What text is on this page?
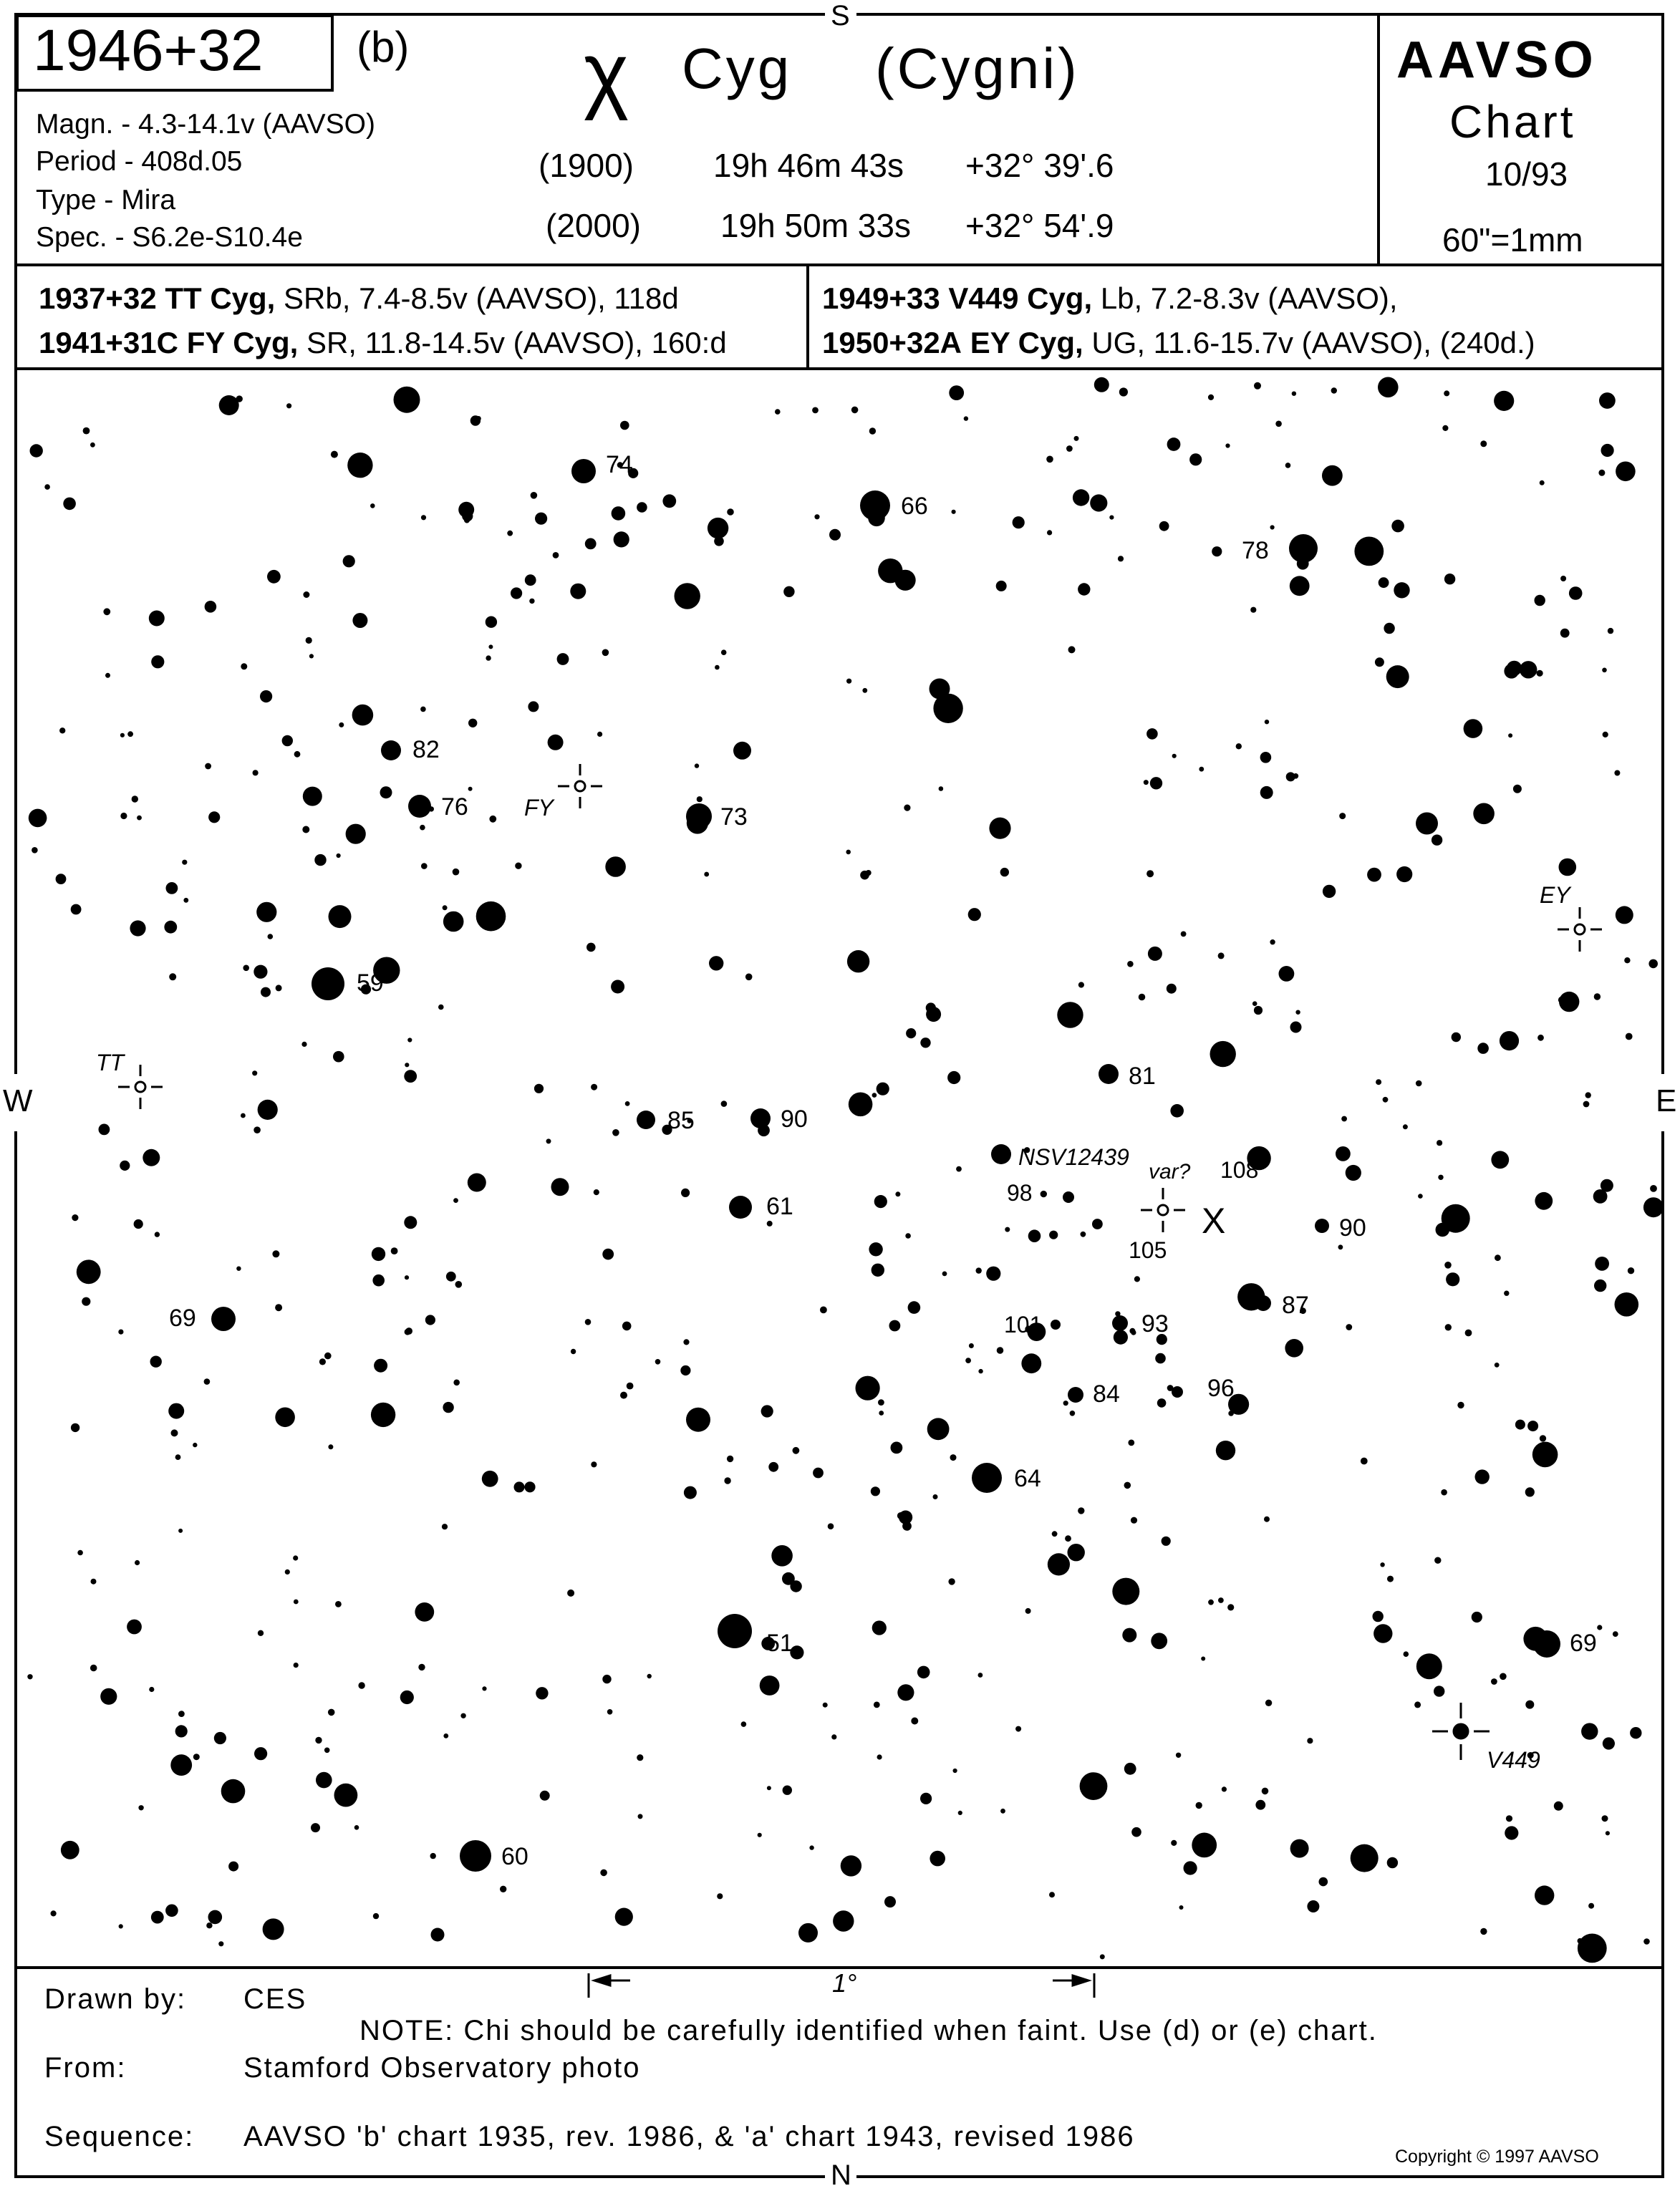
1946+32 (b) χ Cyg (Cygni)
Magn. - 4.3-14.1v (AAVSO)
Period - 408d.05
Type - Mira
Spec. - S6.2e-S10.4e
(1900) 19h 46m 43s +32° 39'.6
(2000) 19h 50m 33s +32° 54'.9
AAVSO
Chart
10/93
60"=1mm
1937+32 TT Cyg, SRb, 7.4-8.5v (AAVSO), 118d
1941+31C FY Cyg, SR, 11.8-14.5v (AAVSO), 160:d
1949+33 V449 Cyg, Lb, 7.2-8.3v (AAVSO),
1950+32A EY Cyg, UG, 11.6-15.7v (AAVSO), (240d.)
S
N
W	E
1°
74
66
78
82
76	73
59
81
85	90
61	98
108
105
90
69	101	93
87
84	96
64
51	69
60
FY
EY
TT
V449
NSV12439
var?
X
Drawn by: CES
NOTE: Chi should be carefully identified when faint. Use (d) or (e) chart.
From:	Stamford Observatory photo
Sequence: AAVSO 'b' chart 1935, rev. 1986, & 'a' chart 1943, revised 1986
Copyright © 1997 AAVSO
